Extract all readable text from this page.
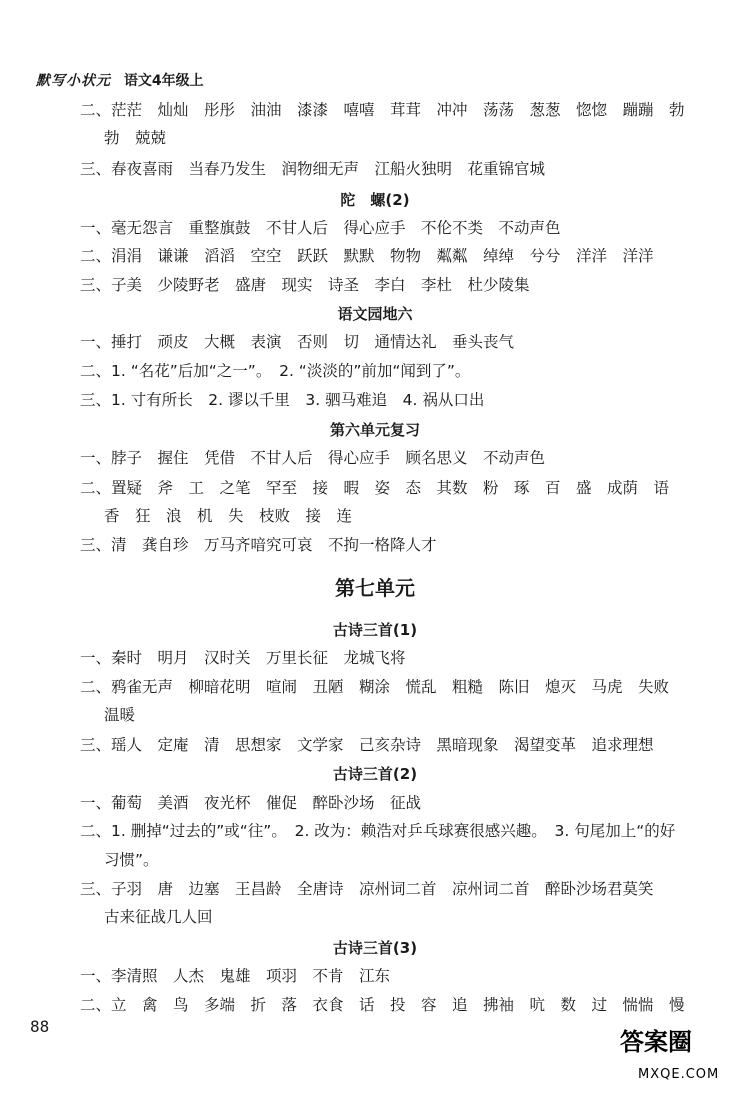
默写小状元 语文4年级上
二、茫茫　灿灿　彤彤　油油　漆漆　嘻嘻　茸茸　冲冲　荡荡　葱葱　惚惚　蹦蹦　勃
勃　兢兢
三、春夜喜雨　当春乃发生　润物细无声　江船火独明　花重锦官城
陀　螺(2)
一、毫无怨言　重整旗鼓　不甘人后　得心应手　不伦不类　不动声色
二、涓涓　谦谦　滔滔　空空　跃跃　默默　物物　粼粼　绰绰　兮兮　洋洋　洋洋
三、子美　少陵野老　盛唐　现实　诗圣　李白　李杜　杜少陵集
语文园地六
一、捶打　顽皮　大概　表演　否则　切　通情达礼　垂头丧气
二、1. “名花”后加“之一”。　2. “淡淡的”前加“闻到了”。
三、1. 寸有所长　2. 谬以千里　3. 驷马难追　4. 祸从口出
第六单元复习
一、脖子　握住　凭借　不甘人后　得心应手　顾名思义　不动声色
二、置疑　斧　工　之笔　罕至　接　暇　姿　态　其数　粉　琢　百　盛　成荫　语
香　狂　浪　机　失　枝败　接　连
三、清　龚自珍　万马齐喑究可哀　不拘一格降人才
第七单元
古诗三首(1)
一、秦时　明月　汉时关　万里长征　龙城飞将
二、鸦雀无声　柳暗花明　喧闹　丑陋　糊涂　慌乱　粗糙　陈旧　熄灭　马虎　失败
温暖
三、瑶人　定庵　清　思想家　文学家　己亥杂诗　黑暗现象　渴望变革　追求理想
古诗三首(2)
一、葡萄　美酒　夜光杯　催促　醉卧沙场　征战
二、1. 删掉“过去的”或“往”。　2. 改为：赖浩对乒乓球赛很感兴趣。　3. 句尾加上“的好
习惯”。
三、子羽　唐　边塞　王昌龄　全唐诗　凉州词二首　凉州词二首　醉卧沙场君莫笑
古来征战几人回
古诗三首(3)
一、李清照　人杰　鬼雄　项羽　不肯　江东
二、立　禽　鸟　多端　折　落　衣食　话　投　容　追　拂袖　吭　数　过　惴惴　慢
88
答案圈
MXQE.COM
